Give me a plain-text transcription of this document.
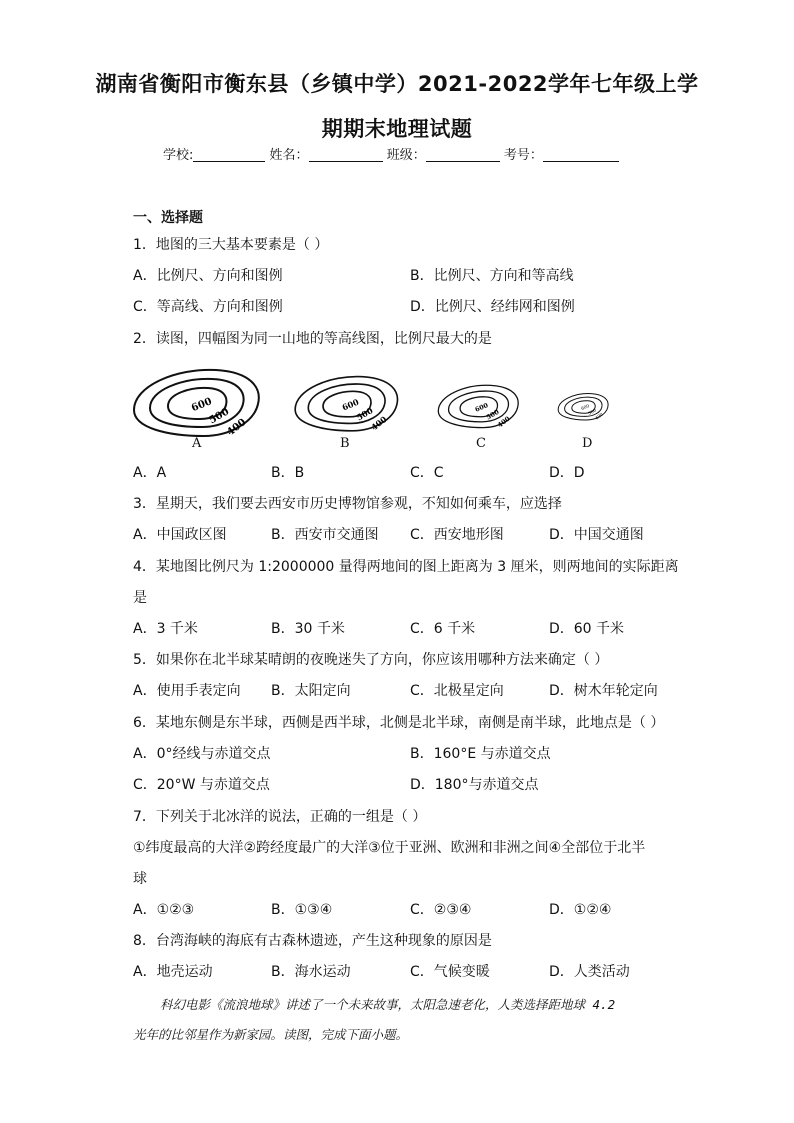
湖南省衡阳市衡东县（乡镇中学）2021-2022学年七年级上学
期期末地理试题
学校:	姓名：	班级：	考号：
一、选择题
1．地图的三大基本要素是（ ）
A．比例尺、方向和图例	B．比例尺、方向和等高线
C．等高线、方向和图例	D．比例尺、经纬网和图例
2．读图，四幅图为同一山地的等高线图，比例尺最大的是
600
500
400
600
500
400
600
500
400
600
500
400
A	B	C	D
A．A	B．B	C．C	D．D
3．星期天，我们要去西安市历史博物馆参观，不知如何乘车，应选择
A．中国政区图	B．西安市交通图 C．西安地形图	D．中国交通图
4．某地图比例尺为 1:2000000 量得两地间的图上距离为 3 厘米，则两地间的实际距离
是
A．3 千米	B．30 千米	C．6 千米	D．60 千米
5．如果你在北半球某晴朗的夜晚迷失了方向，你应该用哪种方法来确定（ ）
A．使用手表定向 B．太阳定向	C．北极星定向	D．树木年轮定向
6．某地东侧是东半球，西侧是西半球，北侧是北半球，南侧是南半球，此地点是（ ）
A．0°经线与赤道交点	B．160°E 与赤道交点
C．20°W 与赤道交点	D．180°与赤道交点
7．下列关于北冰洋的说法，正确的一组是（ ）
①纬度最高的大洋②跨经度最广的大洋③位于亚洲、欧洲和非洲之间④全部位于北半
球
A．①②③	B．①③④	C．②③④	D．①②④
8．台湾海峡的海底有古森林遗迹，产生这种现象的原因是
A．地壳运动	B．海水运动	C．气候变暖	D．人类活动
科幻电影《流浪地球》讲述了一个未来故事，太阳急速老化，人类选择距地球 4.2
光年的比邻星作为新家园。读图，完成下面小题。
